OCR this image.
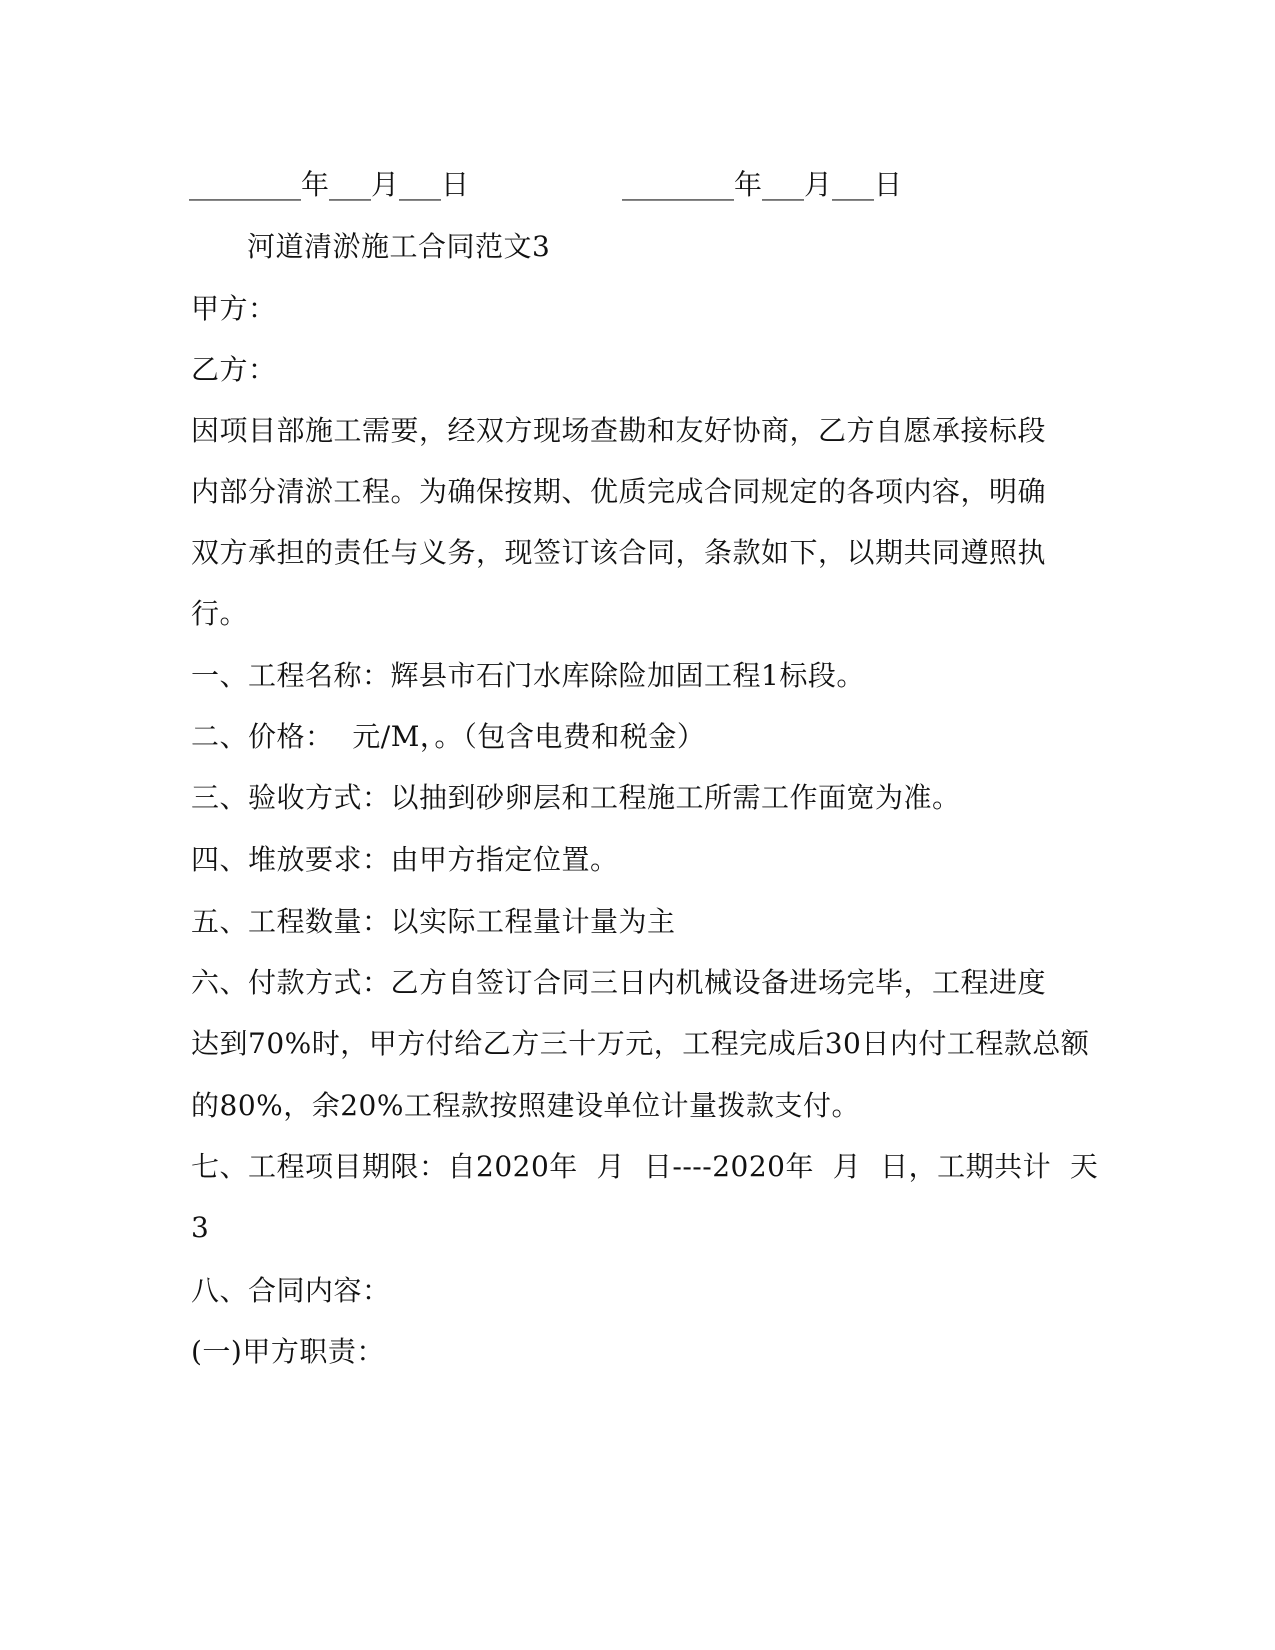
________年___月___日	________年___月___日
河道清淤施工合同范文3
甲方：
乙方：
因项目部施工需要，经双方现场查勘和友好协商，乙方自愿承接标段
内部分清淤工程。为确保按期、优质完成合同规定的各项内容，明确
双方承担的责任与义务，现签订该合同，条款如下，以期共同遵照执
行。
一、工程名称：辉县市石门水库除险加固工程1标段。
二、价格：  元/M，。（包含电费和税金）
三、验收方式：以抽到砂卵层和工程施工所需工作面宽为准。
四、堆放要求：由甲方指定位置。
五、工程数量：以实际工程量计量为主
六、付款方式：乙方自签订合同三日内机械设备进场完毕，工程进度
达到70%时，甲方付给乙方三十万元，工程完成后30日内付工程款总额
的80%，余20%工程款按照建设单位计量拨款支付。
七、工程项目期限：自2020年  月  日----2020年  月  日，工期共计  天
3
八、合同内容：
(一)甲方职责：
